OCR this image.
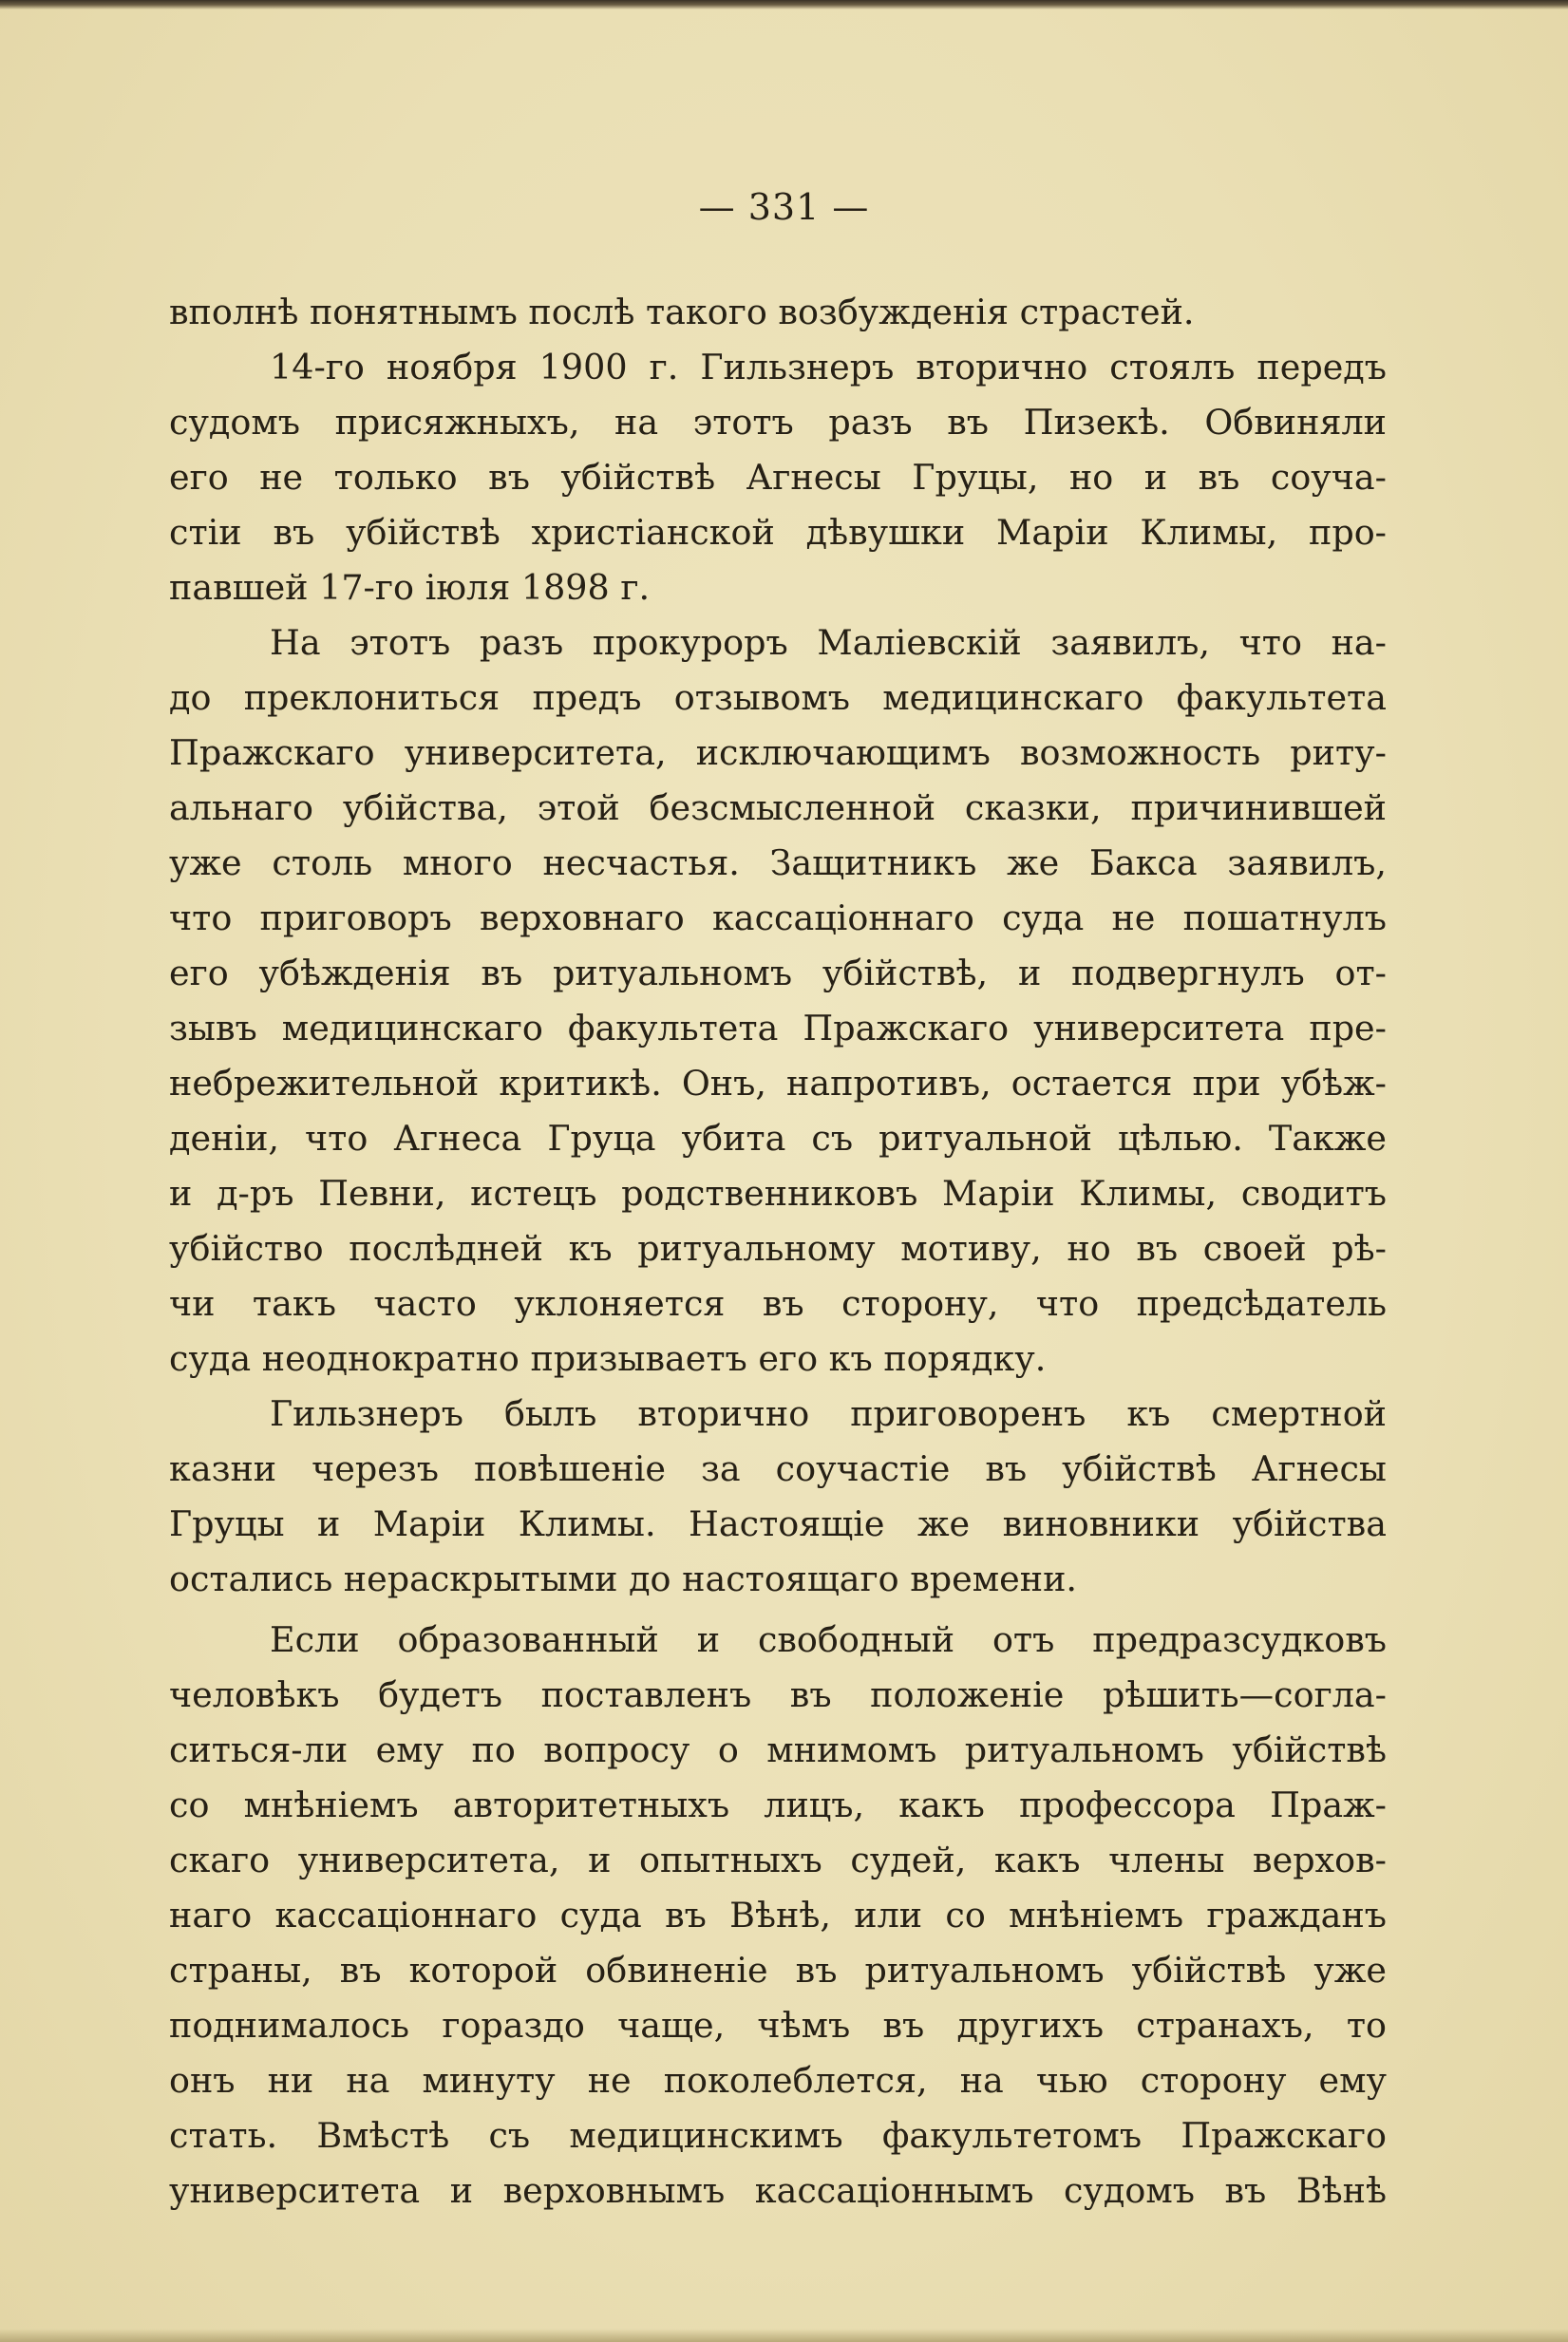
— 331 —
вполнѣ понятнымъ послѣ такого возбужденія страстей.
14-го ноября 1900 г. Гильзнеръ вторично стоялъ передъ
судомъ присяжныхъ, на этотъ разъ въ Пизекѣ. Обвиняли
его не только въ убійствѣ Агнесы Груцы, но и въ соуча-
стіи въ убійствѣ христіанской дѣвушки Маріи Климы, про-
павшей 17-го іюля 1898 г.
На этотъ разъ прокуроръ Маліевскій заявилъ, что на-
до преклониться предъ отзывомъ медицинскаго факультета
Пражскаго университета, исключающимъ возможность риту-
альнаго убійства, этой безсмысленной сказки, причинившей
уже столь много несчастья. Защитникъ же Бакса заявилъ,
что приговоръ верховнаго кассаціоннаго суда не пошатнулъ
его убѣжденія въ ритуальномъ убійствѣ, и подвергнулъ от-
зывъ медицинскаго факультета Пражскаго университета пре-
небрежительной критикѣ. Онъ, напротивъ, остается при убѣж-
деніи, что Агнеса Груца убита съ ритуальной цѣлью. Также
и д-ръ Певни, истецъ родственниковъ Маріи Климы, сводитъ
убійство послѣдней къ ритуальному мотиву, но въ своей рѣ-
чи такъ часто уклоняется въ сторону, что предсѣдатель
суда неоднократно призываетъ его къ порядку.
Гильзнеръ былъ вторично приговоренъ къ смертной
казни черезъ повѣшеніе за соучастіе въ убійствѣ Агнесы
Груцы и Маріи Климы. Настоящіе же виновники убійства
остались нераскрытыми до настоящаго времени.
Если образованный и свободный отъ предразсудковъ
человѣкъ будетъ поставленъ въ положеніе рѣшить—согла-
ситься-ли ему по вопросу о мнимомъ ритуальномъ убійствѣ
со мнѣніемъ авторитетныхъ лицъ, какъ профессора Праж-
скаго университета, и опытныхъ судей, какъ члены верхов-
наго кассаціоннаго суда въ Вѣнѣ, или со мнѣніемъ гражданъ
страны, въ которой обвиненіе въ ритуальномъ убійствѣ уже
поднималось гораздо чаще, чѣмъ въ другихъ странахъ, то
онъ ни на минуту не поколеблется, на чью сторону ему
стать. Вмѣстѣ съ медицинскимъ факультетомъ Пражскаго
университета и верховнымъ кассаціоннымъ судомъ въ Вѣнѣ
